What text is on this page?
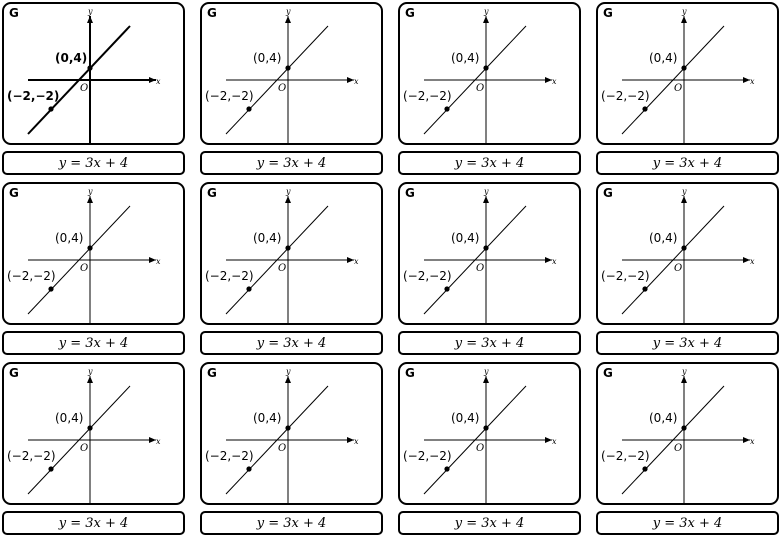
G
x
y
O
(0,4)
(−2,−2)
y = 3x + 4
G
x
y
O
(0,4)
(−2,−2)
y = 3x + 4
G
x
y
O
(0,4)
(−2,−2)
y = 3x + 4
G
x
y
O
(0,4)
(−2,−2)
y = 3x + 4
G
x
y
O
(0,4)
(−2,−2)
y = 3x + 4
G
x
y
O
(0,4)
(−2,−2)
y = 3x + 4
G
x
y
O
(0,4)
(−2,−2)
y = 3x + 4
G
x
y
O
(0,4)
(−2,−2)
y = 3x + 4
G
x
y
O
(0,4)
(−2,−2)
y = 3x + 4
G
x
y
O
(0,4)
(−2,−2)
y = 3x + 4
G
x
y
O
(0,4)
(−2,−2)
y = 3x + 4
G
x
y
O
(0,4)
(−2,−2)
y = 3x + 4
